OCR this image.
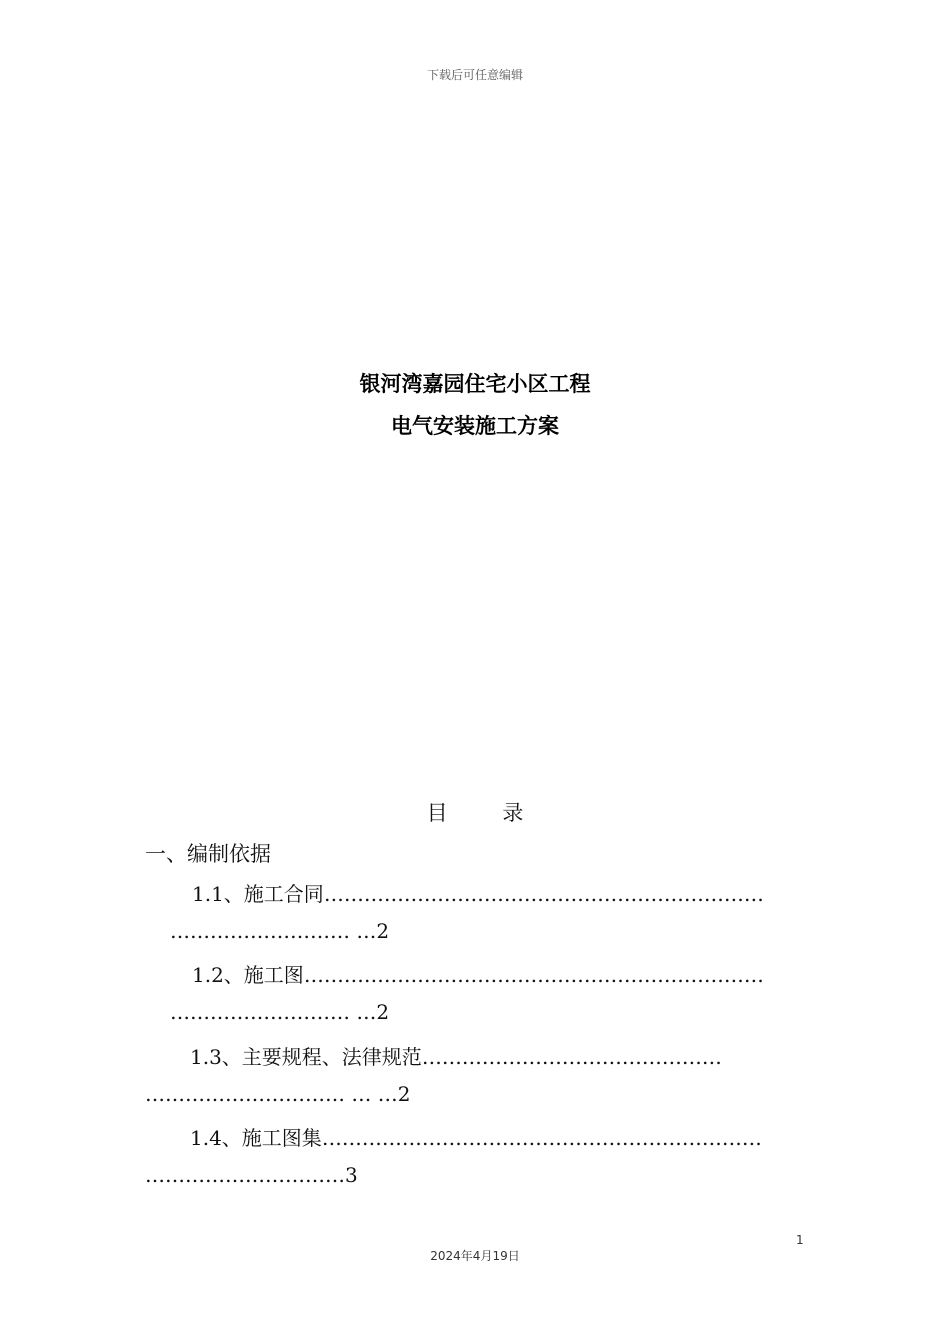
下载后可任意编辑
银河湾嘉园住宅小区工程
电气安装施工方案
目 录
一、编制依据
1.1、施工合同…………………………………………………………
……………………… …2
1.2、施工图……………………………………………………………
……………………… …2
1.3、主要规程、法律规范………………………………………
………………………… … …2
1.4、施工图集…………………………………………………………
…………………………3
1
2024年4月19日
